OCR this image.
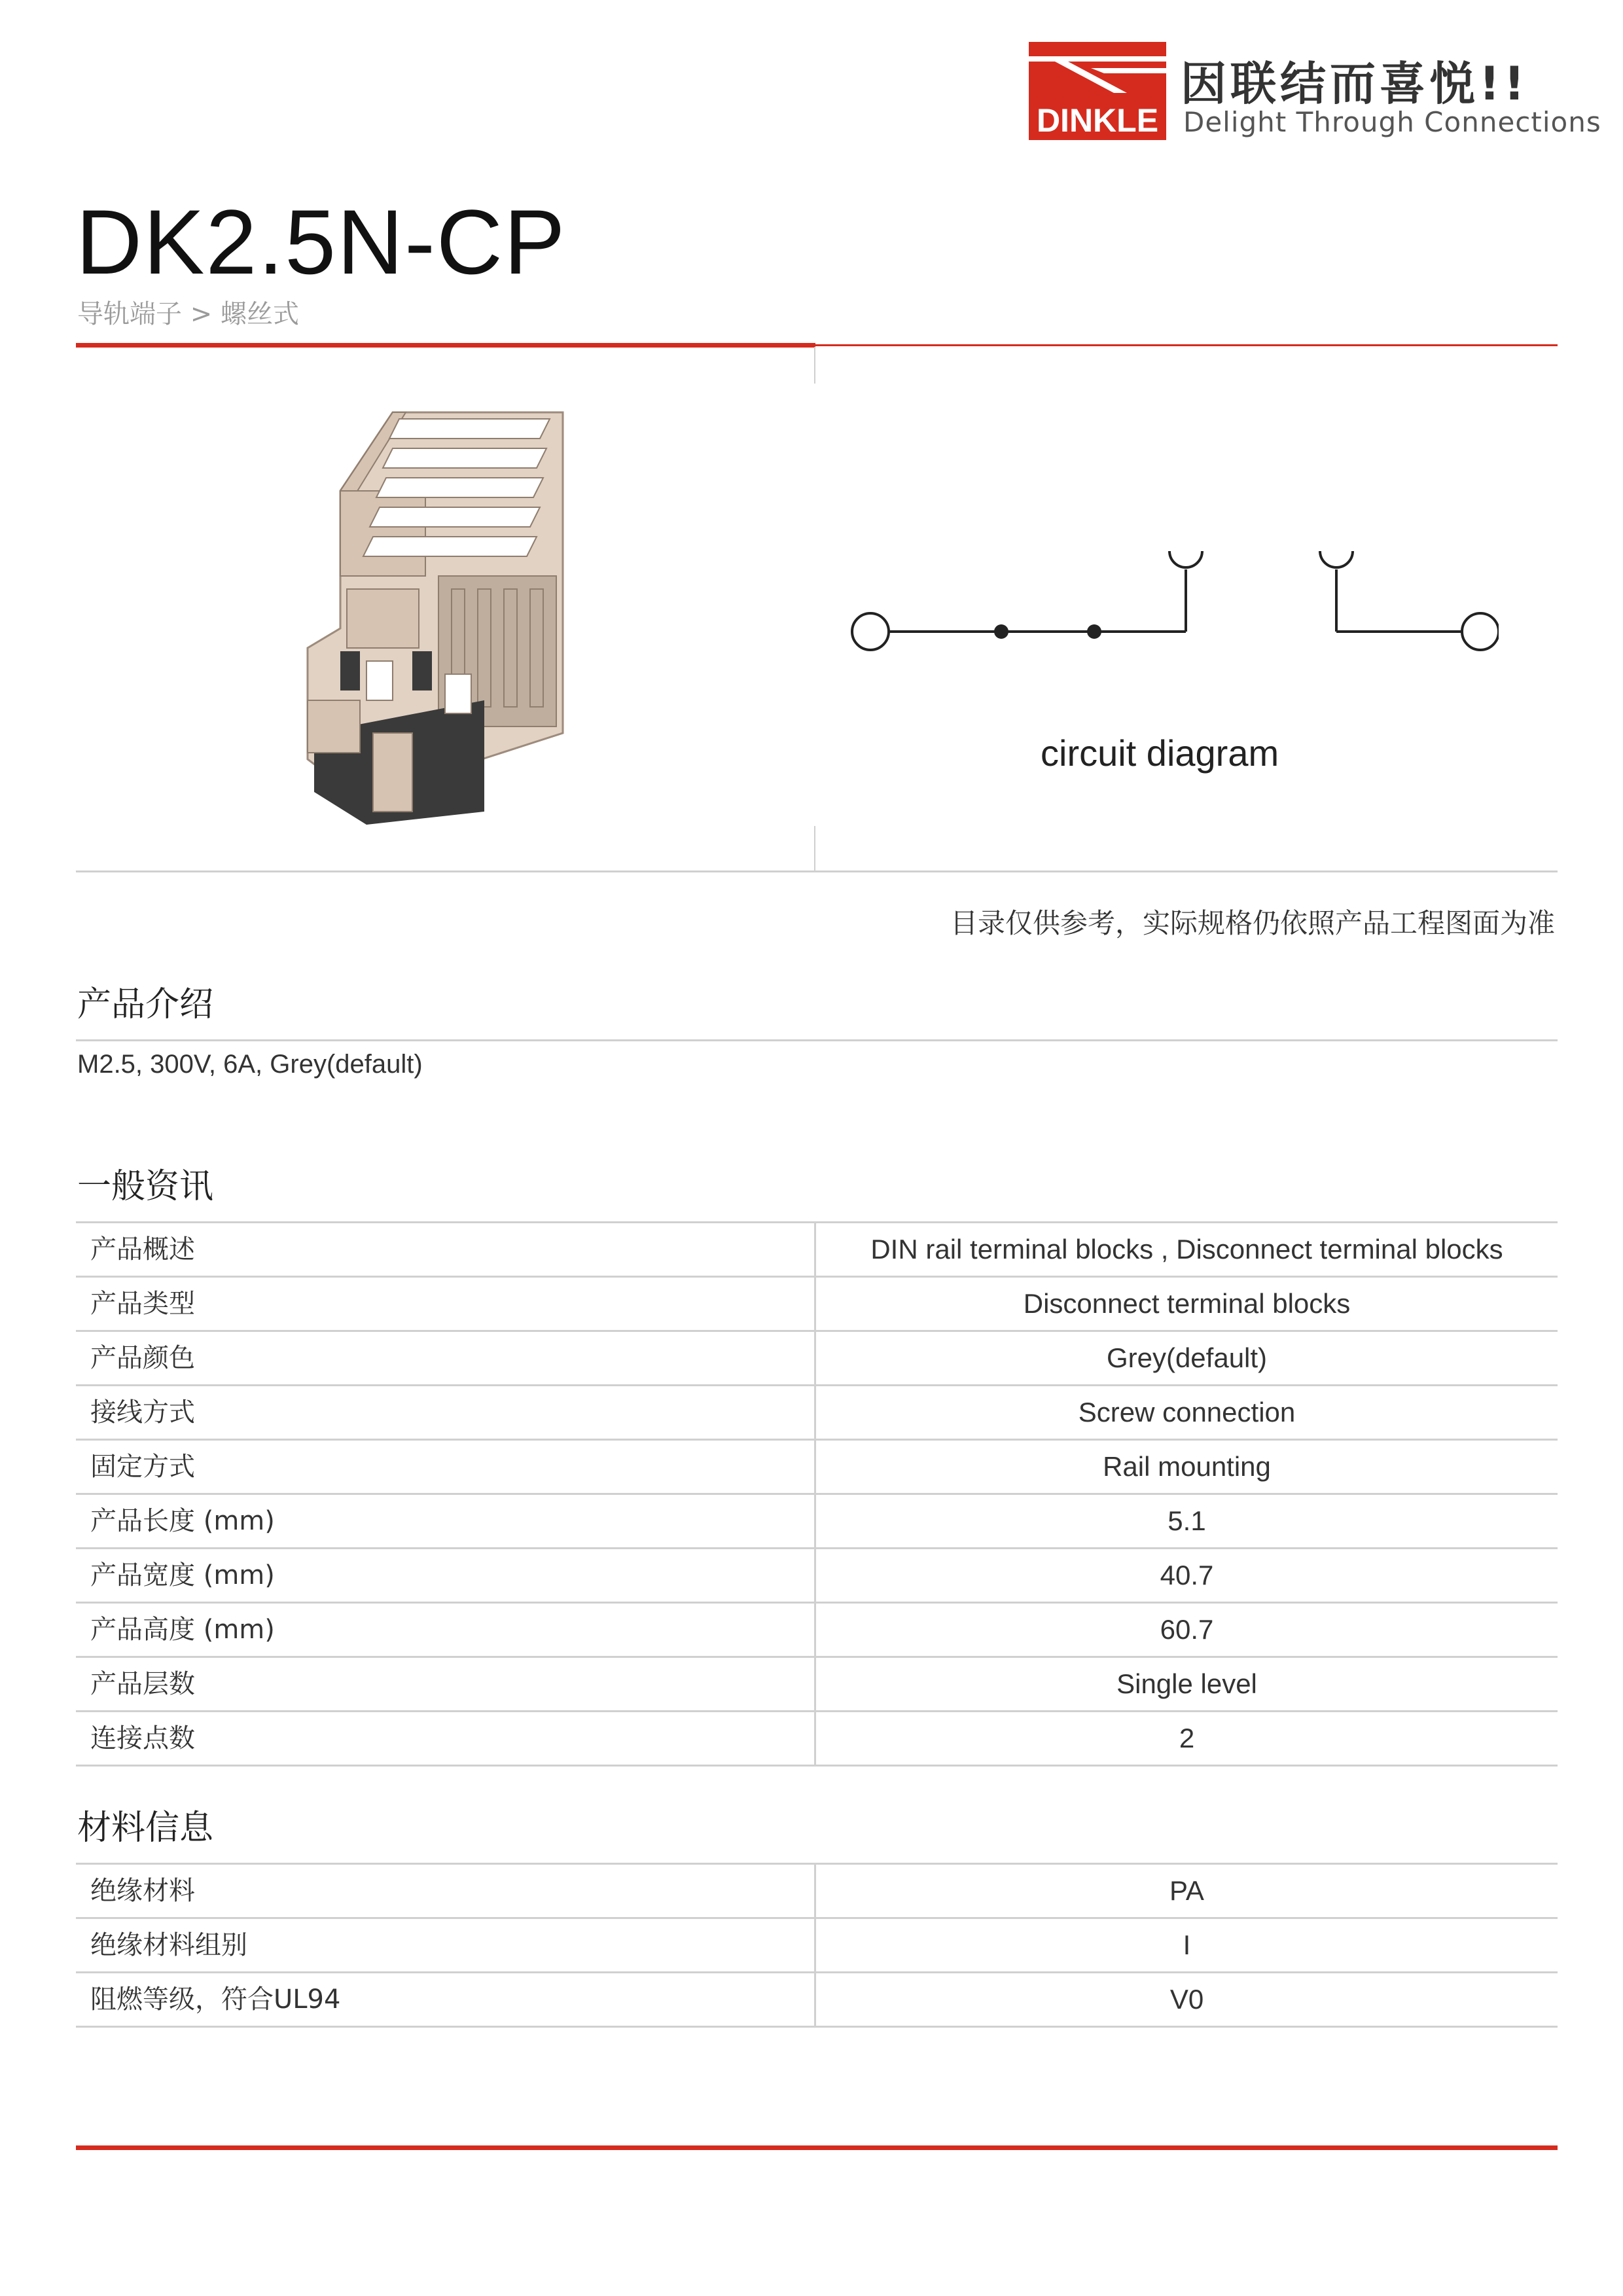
DINKLE
因联结而喜悦!!
Delight Through Connections
DK2.5N-CP
导轨端子 > 螺丝式
circuit diagram
目录仅供参考，实际规格仍依照产品工程图面为准
产品介绍
M2.5, 300V, 6A, Grey(default)
一般资讯
产品概述	DIN rail terminal blocks , Disconnect terminal blocks
产品类型	Disconnect terminal blocks
产品颜色	Grey(default)
接线方式	Screw connection
固定方式	Rail mounting
产品长度 (mm)	5.1
产品宽度 (mm)	40.7
产品高度 (mm)	60.7
产品层数	Single level
连接点数	2
材料信息
绝缘材料	PA
绝缘材料组别	I
阻燃等级，符合UL94	V0
